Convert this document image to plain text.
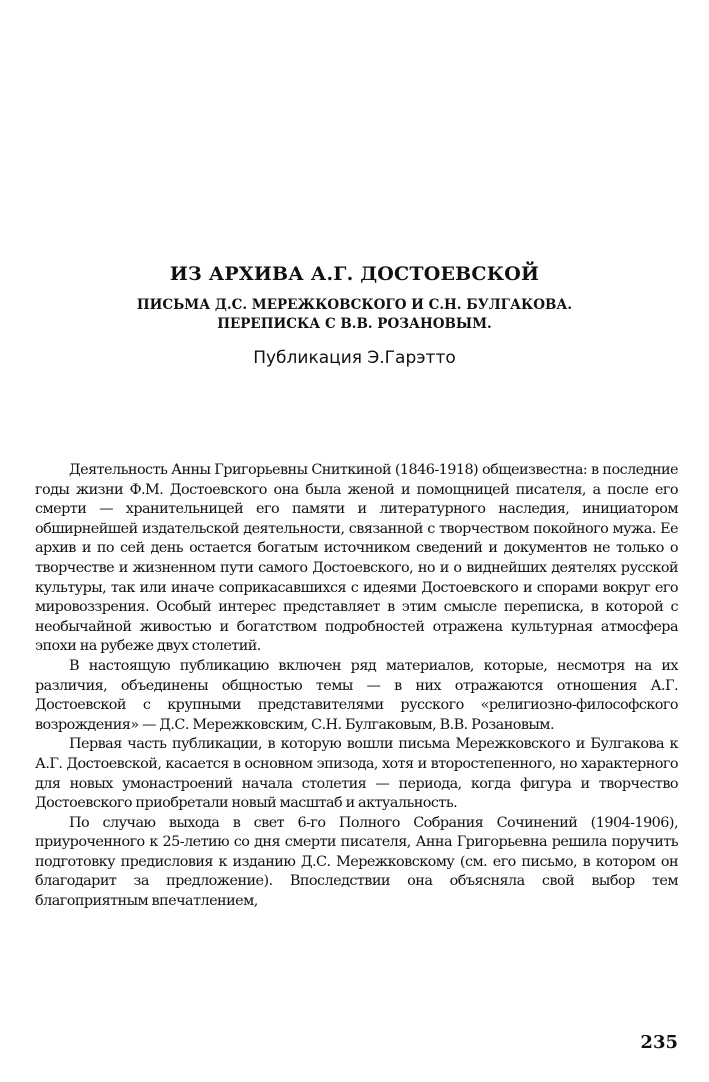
ИЗ АРХИВА А.Г. ДОСТОЕВСКОЙ
ПИСЬМА Д.С. МЕРЕЖКОВСКОГО И С.Н. БУЛГАКОВА.
ПЕРЕПИСКА С В.В. РОЗАНОВЫМ.
Публикация Э.Гарэтто

Деятельность Анны Григорьевны Сниткиной (1846-1918) общеизвестна: в последние годы жизни Ф.М. Достоевского она была женой и помощницей писателя, а после его смерти — хранительницей его памяти и литературного наследия, инициатором обширнейшей издательской деятельности, связанной с творчеством покойного мужа. Ее архив и по сей день остается богатым источником сведений и документов не только о творчестве и жизненном пути самого Достоевского, но и о виднейших деятелях русской культуры, так или иначе соприкасавшихся с идеями Достоевского и спорами вокруг его мировоззрения. Особый интерес представляет в этим смысле переписка, в которой с необычайной живостью и богатством подробностей отражена культурная атмосфера эпохи на рубеже двух столетий.

В настоящую публикацию включен ряд материалов, которые, несмотря на их различия, объединены общностью темы — в них отражаются отношения А.Г. Достоевской с крупными представителями русского «религиозно-философского возрождения» — Д.С. Мережковским, С.Н. Булгаковым, В.В. Розановым.

Первая часть публикации, в которую вошли письма Мережковского и Булгакова к А.Г. Достоевской, касается в основном эпизода, хотя и второстепенного, но характерного для новых умонастроений начала столетия — периода, когда фигура и творчество Достоевского приобретали новый масштаб и актуальность.

По случаю выхода в свет 6-го Полного Собрания Сочинений (1904-1906), приуроченного к 25-летию со дня смерти писателя, Анна Григорьевна решила поручить подготовку предисловия к изданию Д.С. Мережковскому (см. его письмо, в котором он благодарит за предложение). Впоследствии она объясняла свой выбор тем благоприятным впечатлением,

235
